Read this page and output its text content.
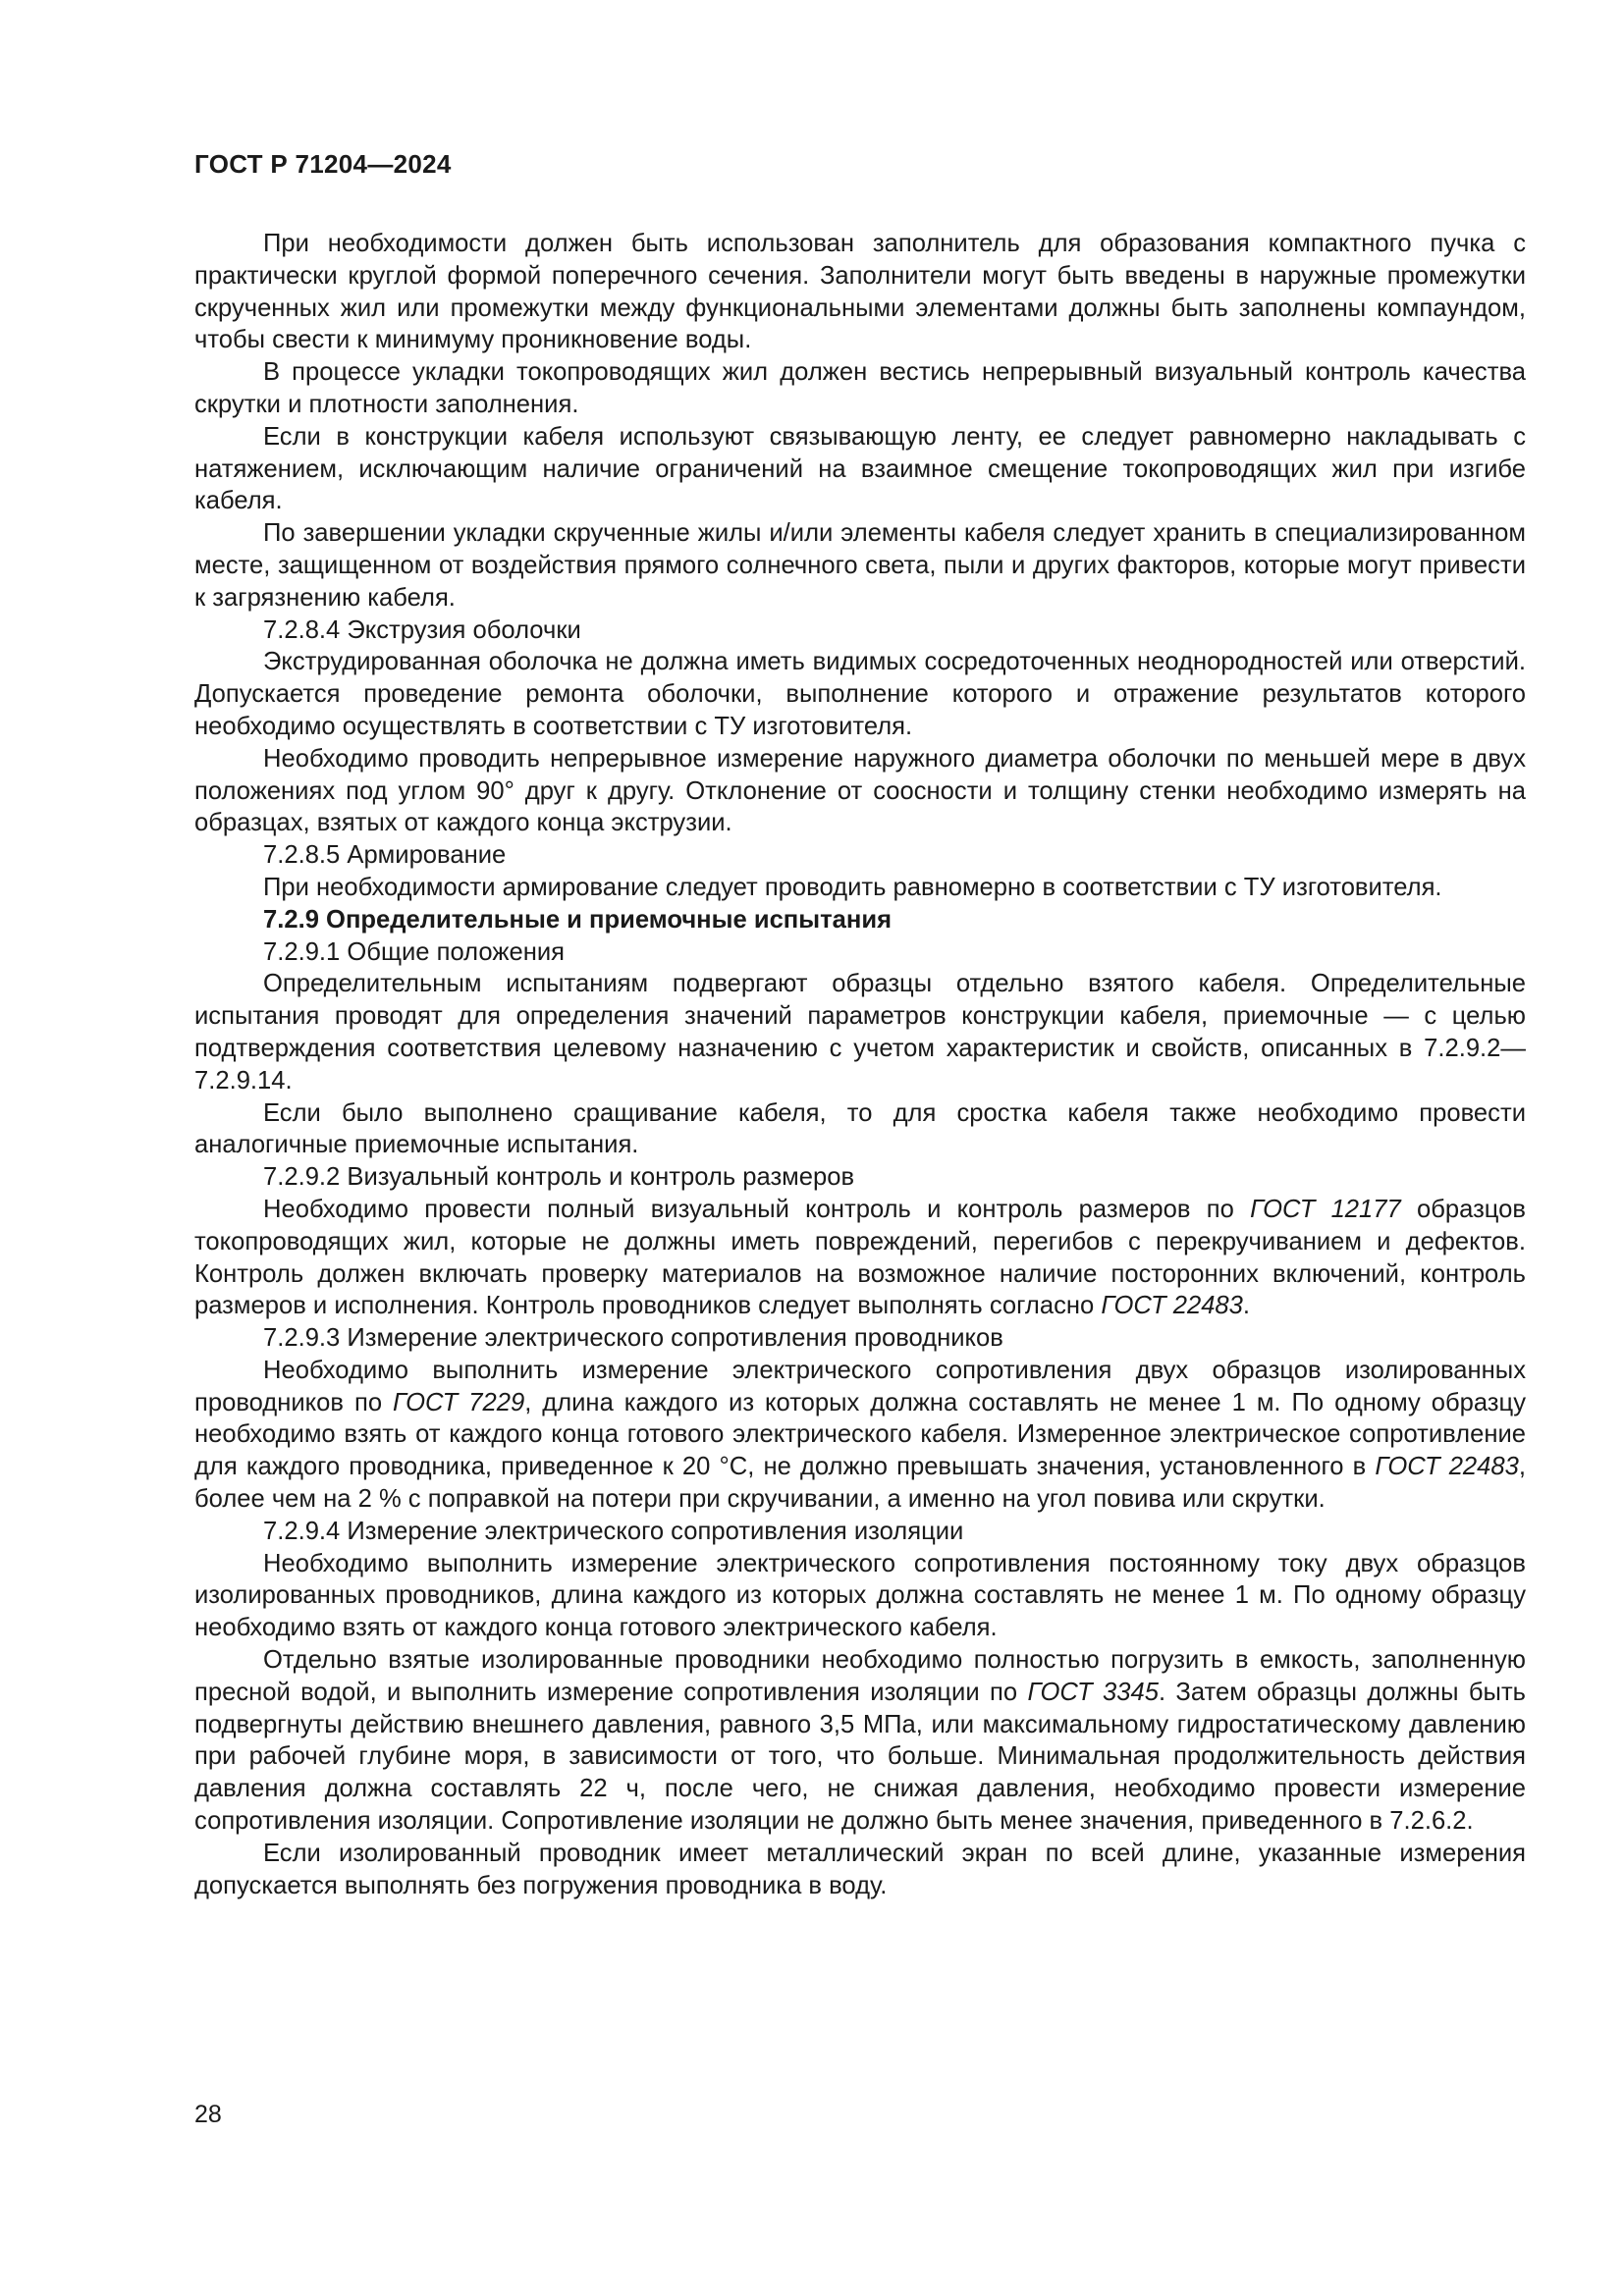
ГОСТ Р 71204—2024

При необходимости должен быть использован заполнитель для образования компактного пучка с практически круглой формой поперечного сечения. Заполнители могут быть введены в наружные промежутки скрученных жил или промежутки между функциональными элементами должны быть заполнены компаундом, чтобы свести к минимуму проникновение воды.

В процессе укладки токопроводящих жил должен вестись непрерывный визуальный контроль качества скрутки и плотности заполнения.

Если в конструкции кабеля используют связывающую ленту, ее следует равномерно накладывать с натяжением, исключающим наличие ограничений на взаимное смещение токопроводящих жил при изгибе кабеля.

По завершении укладки скрученные жилы и/или элементы кабеля следует хранить в специализированном месте, защищенном от воздействия прямого солнечного света, пыли и других факторов, которые могут привести к загрязнению кабеля.

7.2.8.4 Экструзия оболочки

Экструдированная оболочка не должна иметь видимых сосредоточенных неоднородностей или отверстий. Допускается проведение ремонта оболочки, выполнение которого и отражение результатов которого необходимо осуществлять в соответствии с ТУ изготовителя.

Необходимо проводить непрерывное измерение наружного диаметра оболочки по меньшей мере в двух положениях под углом 90° друг к другу. Отклонение от соосности и толщину стенки необходимо измерять на образцах, взятых от каждого конца экструзии.

7.2.8.5 Армирование

При необходимости армирование следует проводить равномерно в соответствии с ТУ изготовителя.

7.2.9 Определительные и приемочные испытания

7.2.9.1 Общие положения

Определительным испытаниям подвергают образцы отдельно взятого кабеля. Определительные испытания проводят для определения значений параметров конструкции кабеля, приемочные — с целью подтверждения соответствия целевому назначению с учетом характеристик и свойств, описанных в 7.2.9.2—7.2.9.14.

Если было выполнено сращивание кабеля, то для сростка кабеля также необходимо провести аналогичные приемочные испытания.

7.2.9.2 Визуальный контроль и контроль размеров

Необходимо провести полный визуальный контроль и контроль размеров по ГОСТ 12177 образцов токопроводящих жил, которые не должны иметь повреждений, перегибов с перекручиванием и дефектов. Контроль должен включать проверку материалов на возможное наличие посторонних включений, контроль размеров и исполнения. Контроль проводников следует выполнять согласно ГОСТ 22483.

7.2.9.3 Измерение электрического сопротивления проводников

Необходимо выполнить измерение электрического сопротивления двух образцов изолированных проводников по ГОСТ 7229, длина каждого из которых должна составлять не менее 1 м. По одному образцу необходимо взять от каждого конца готового электрического кабеля. Измеренное электрическое сопротивление для каждого проводника, приведенное к 20 °С, не должно превышать значения, установленного в ГОСТ 22483, более чем на 2 % с поправкой на потери при скручивании, а именно на угол повива или скрутки.

7.2.9.4 Измерение электрического сопротивления изоляции

Необходимо выполнить измерение электрического сопротивления постоянному току двух образцов изолированных проводников, длина каждого из которых должна составлять не менее 1 м. По одному образцу необходимо взять от каждого конца готового электрического кабеля.

Отдельно взятые изолированные проводники необходимо полностью погрузить в емкость, заполненную пресной водой, и выполнить измерение сопротивления изоляции по ГОСТ 3345. Затем образцы должны быть подвергнуты действию внешнего давления, равного 3,5 МПа, или максимальному гидростатическому давлению при рабочей глубине моря, в зависимости от того, что больше. Минимальная продолжительность действия давления должна составлять 22 ч, после чего, не снижая давления, необходимо провести измерение сопротивления изоляции. Сопротивление изоляции не должно быть менее значения, приведенного в 7.2.6.2.

Если изолированный проводник имеет металлический экран по всей длине, указанные измерения допускается выполнять без погружения проводника в воду.

28
